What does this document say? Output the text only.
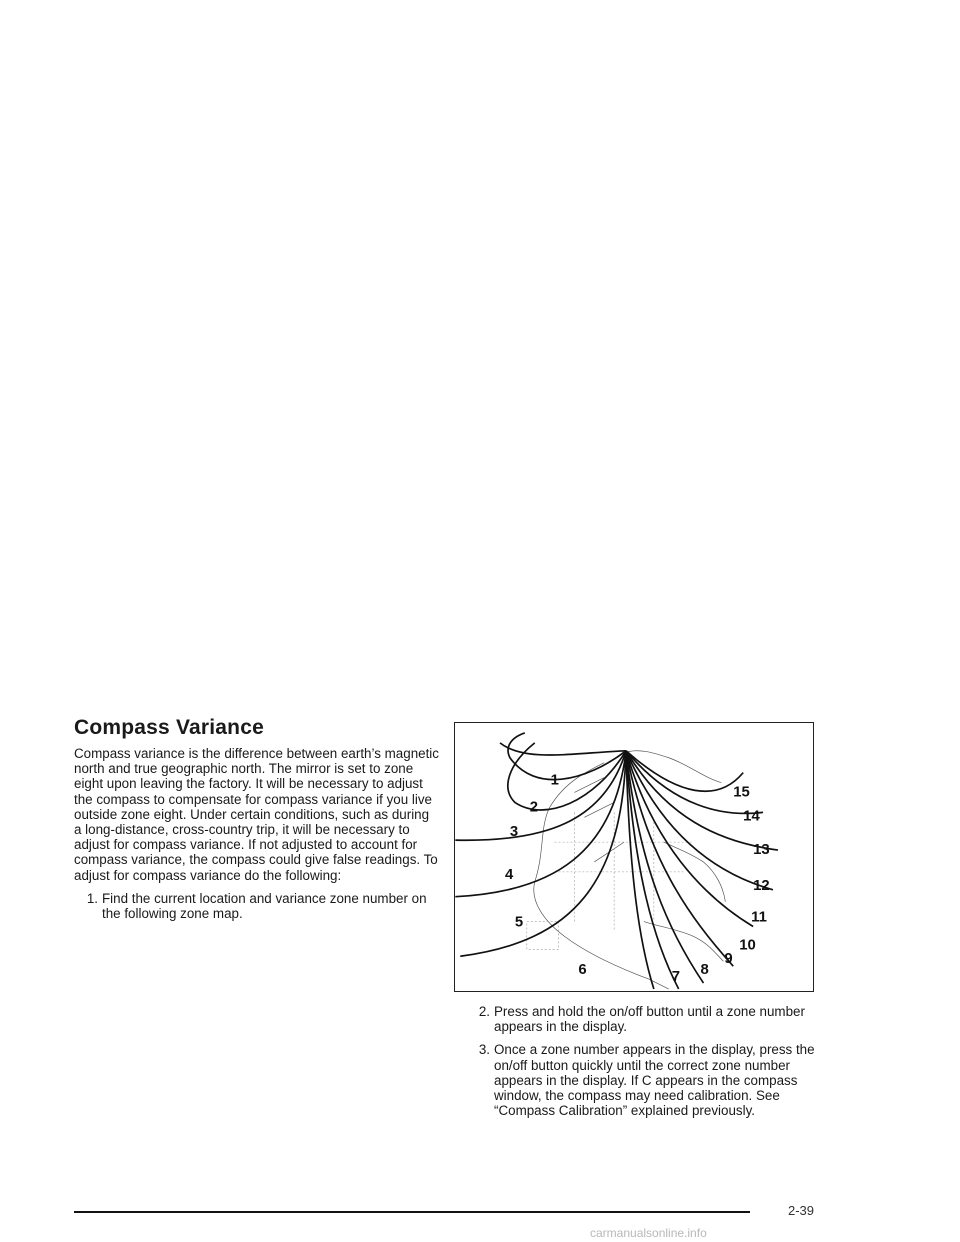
Compass Variance

Compass variance is the difference between earth’s magnetic north and true geographic north. The mirror is set to zone eight upon leaving the factory. It will be necessary to adjust the compass to compensate for compass variance if you live outside zone eight. Under certain conditions, such as during a long-distance, cross-country trip, it will be necessary to adjust for compass variance. If not adjusted to account for compass variance, the compass could give false readings. To adjust for compass variance do the following:

1. Find the current location and variance zone number on the following zone map.
1
2
3
4
5
6	7 8
9
10
11
12
13
14
15
2. Press and hold the on/off button until a zone number appears in the display.
3. Once a zone number appears in the display, press the on/off button quickly until the correct zone number appears in the display. If C appears in the compass window, the compass may need calibration. See “Compass Calibration” explained previously.
2-39
carmanualsonline.info
